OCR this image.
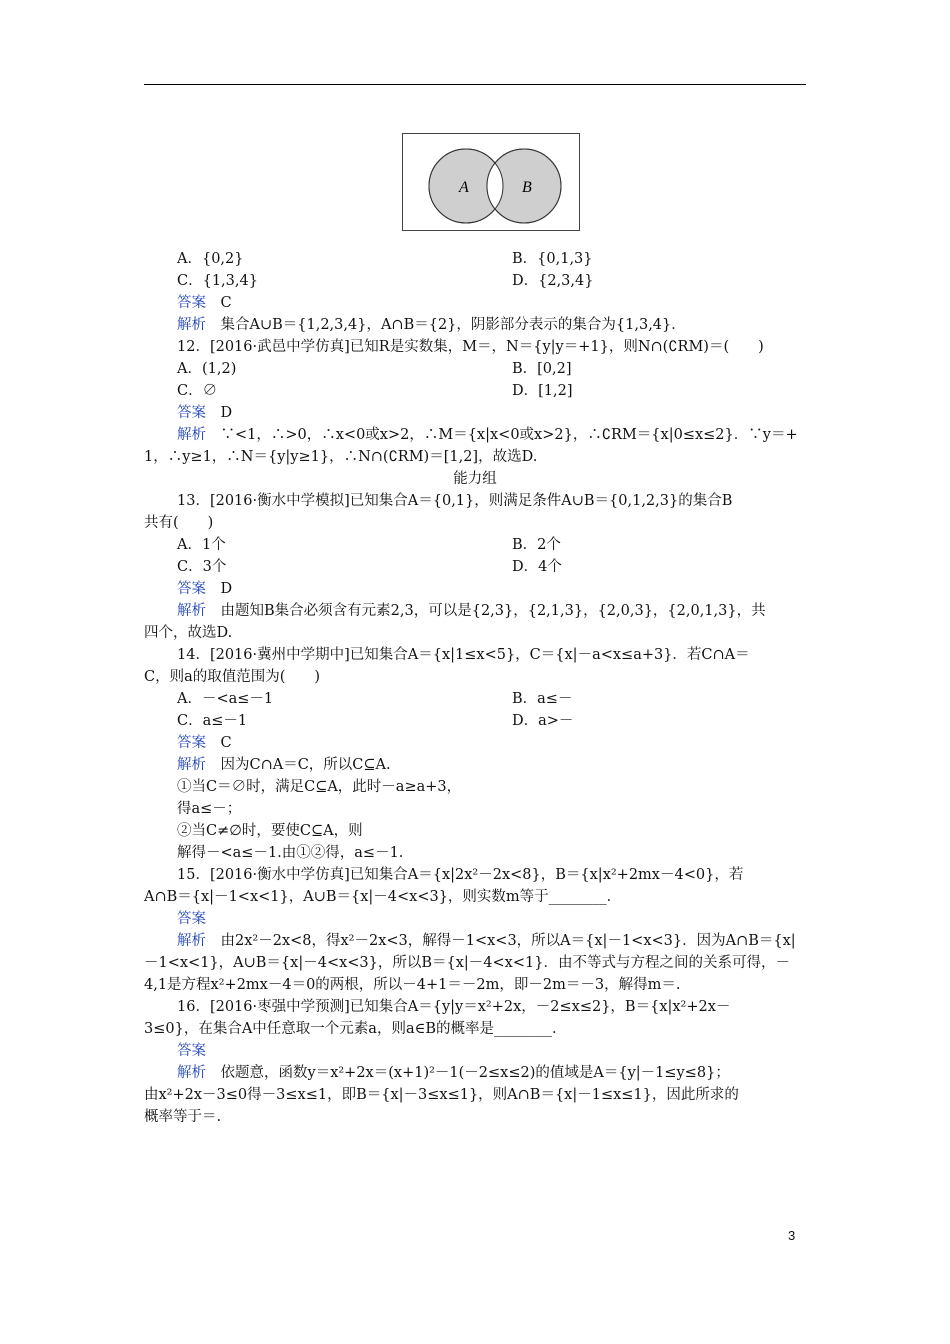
A	B
A．{0,2}	B．{0,1,3}
C．{1,3,4}	D．{2,3,4}
答案　C
解析　集合A∪B＝{1,2,3,4}，A∩B＝{2}，阴影部分表示的集合为{1,3,4}．
12．[2016·武邑中学仿真]已知R是实数集，M＝，N＝{y|y＝+1}，则N∩(∁RM)＝(　　)
A．(1,2)	B．[0,2]
C．∅	D．[1,2]
答案　D
解析　∵<1，∴>0，∴x<0或x>2，∴M＝{x|x<0或x>2}，∴∁RM＝{x|0≤x≤2}．∵y＝+
1，∴y≥1，∴N＝{y|y≥1}，∴N∩(∁RM)＝[1,2]，故选D.
能力组
13．[2016·衡水中学模拟]已知集合A＝{0,1}，则满足条件A∪B＝{0,1,2,3}的集合B
共有(　　)
A．1个	B．2个
C．3个	D．4个
答案　D
解析　由题知B集合必须含有元素2,3，可以是{2,3}，{2,1,3}，{2,0,3}，{2,0,1,3}，共
四个，故选D.
14．[2016·冀州中学期中]已知集合A＝{x|1≤x<5}，C＝{x|－a<x≤a+3}．若C∩A＝
C，则a的取值范围为(　　)
A．－<a≤－1	B．a≤－
C．a≤－1	D．a>－
答案　C
解析　因为C∩A＝C，所以C⊆A.
①当C＝∅时，满足C⊆A，此时－a≥a+3，
得a≤－；
②当C≠∅时，要使C⊆A，则
解得－<a≤－1.由①②得，a≤－1.
15．[2016·衡水中学仿真]已知集合A＝{x|2x²－2x<8}，B＝{x|x²+2mx－4<0}，若
A∩B＝{x|－1<x<1}，A∪B＝{x|－4<x<3}，则实数m等于________．
答案
解析　由2x²－2x<8，得x²－2x<3，解得－1<x<3，所以A＝{x|－1<x<3}．因为A∩B＝{x|
－1<x<1}，A∪B＝{x|－4<x<3}，所以B＝{x|－4<x<1}．由不等式与方程之间的关系可得，－
4,1是方程x²+2mx－4＝0的两根，所以－4+1＝－2m，即－2m＝－3，解得m＝.
16．[2016·枣强中学预测]已知集合A＝{y|y＝x²+2x，－2≤x≤2}，B＝{x|x²+2x－
3≤0}，在集合A中任意取一个元素a，则a∈B的概率是________．
答案
解析　依题意，函数y＝x²+2x＝(x+1)²－1(－2≤x≤2)的值域是A＝{y|－1≤y≤8}；
由x²+2x－3≤0得－3≤x≤1，即B＝{x|－3≤x≤1}，则A∩B＝{x|－1≤x≤1}，因此所求的
概率等于＝.
3
